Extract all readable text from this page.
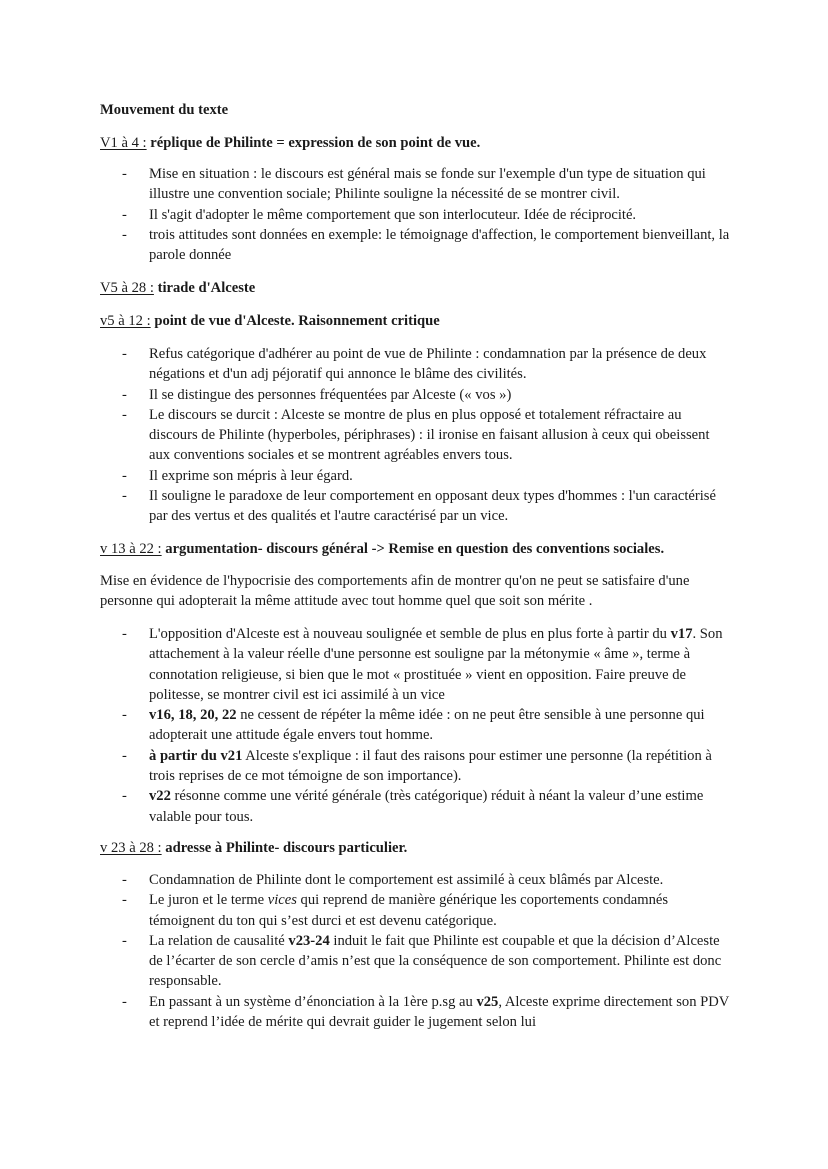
Mouvement du texte
V1 à 4 : réplique de Philinte = expression de son point de vue.
- Mise en situation : le discours est général mais se fonde sur l'exemple d'un type de situation qui illustre une convention sociale; Philinte souligne la nécessité de se montrer civil.
- Il s'agit d'adopter le même comportement que son interlocuteur. Idée de réciprocité.
- trois attitudes sont données en exemple: le témoignage d'affection, le comportement bienveillant, la parole donnée
V5 à 28 : tirade d'Alceste
v5 à 12 : point de vue d'Alceste. Raisonnement critique
- Refus catégorique d'adhérer au point de vue de Philinte : condamnation par la présence de deux négations et d'un adj péjoratif qui annonce le blâme des civilités.
- Il se distingue des personnes fréquentées par Alceste (« vos »)
- Le discours se durcit : Alceste se montre de plus en plus opposé et totalement réfractaire au discours de Philinte (hyperboles, périphrases) : il ironise en faisant allusion à ceux qui obeissent aux conventions sociales et se montrent agréables envers tous.
- Il exprime son mépris à leur égard.
- Il souligne le paradoxe de leur comportement en opposant deux types d'hommes : l'un caractérisé par des vertus et des qualités et l'autre caractérisé par un vice.
v 13 à 22 : argumentation- discours général -> Remise en question des conventions sociales.
Mise en évidence de l'hypocrisie des comportements afin de montrer qu'on ne peut se satisfaire d'une personne qui adopterait la même attitude avec tout homme quel que soit son mérite .
- L'opposition d'Alceste est à nouveau soulignée et semble de plus en plus forte à partir du v17. Son attachement à la valeur réelle d'une personne est souligne par la métonymie « âme », terme à connotation religieuse, si bien que le mot « prostituée » vient en opposition. Faire preuve de politesse, se montrer civil est ici assimilé à un vice
- v16, 18, 20, 22 ne cessent de répéter la même idée : on ne peut être sensible à une personne qui adopterait une attitude égale envers tout homme.
- à partir du v21 Alceste s'explique : il faut des raisons pour estimer une personne (la repétition à trois reprises de ce mot témoigne de son importance).
- v22 résonne comme une vérité générale (très catégorique) réduit à néant la valeur d’une estime valable pour tous.
v 23 à 28 : adresse à Philinte- discours particulier.
- Condamnation de Philinte dont le comportement est assimilé à ceux blâmés par Alceste.
- Le juron et le terme vices qui reprend de manière générique les coportements condamnés témoignent du ton qui s’est durci et est devenu catégorique.
- La relation de causalité v23-24 induit le fait que Philinte est coupable et que la décision d’Alceste de l’écarter de son cercle d’amis n’est que la conséquence de son comportement. Philinte est donc responsable.
- En passant à un système d’énonciation à la 1ère p.sg au v25, Alceste exprime directement son PDV et reprend l’idée de mérite qui devrait guider le jugement selon lui
